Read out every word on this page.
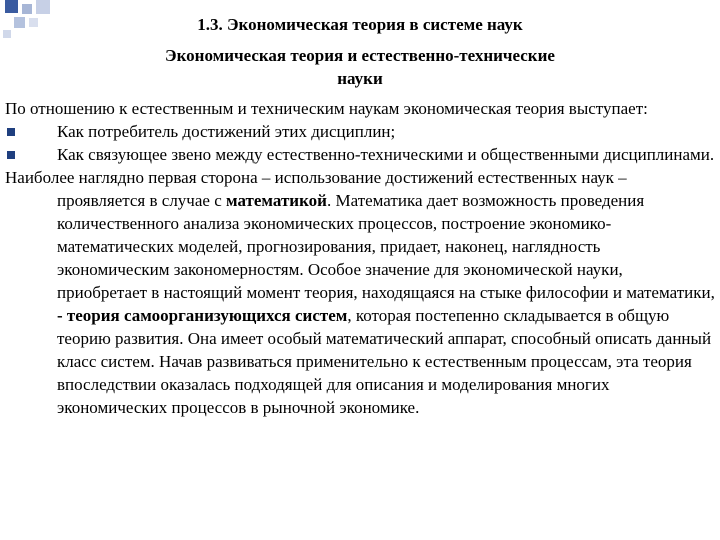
1.3. Экономическая теория в системе наук
Экономическая теория и естественно-технические
науки
По отношению к естественным и техническим наукам экономическая теория выступает:
Как потребитель достижений этих дисциплин;
Как связующее звено между естественно-техническими и общественными дисциплинами.
Наиболее наглядно первая сторона – использование достижений естественных наук – проявляется в случае с математикой. Математика дает возможность проведения количественного анализа экономических процессов, построение экономико-математических моделей, прогнозирования, придает, наконец, наглядность экономическим закономерностям. Особое значение для экономической науки, приобретает в настоящий момент теория, находящаяся на стыке философии и математики, - теория самоорганизующихся систем, которая постепенно складывается в общую теорию развития. Она имеет особый математический аппарат, способный описать данный класс систем. Начав развиваться применительно к естественным процессам, эта теория впоследствии оказалась подходящей для описания и моделирования многих экономических процессов в рыночной экономике.
